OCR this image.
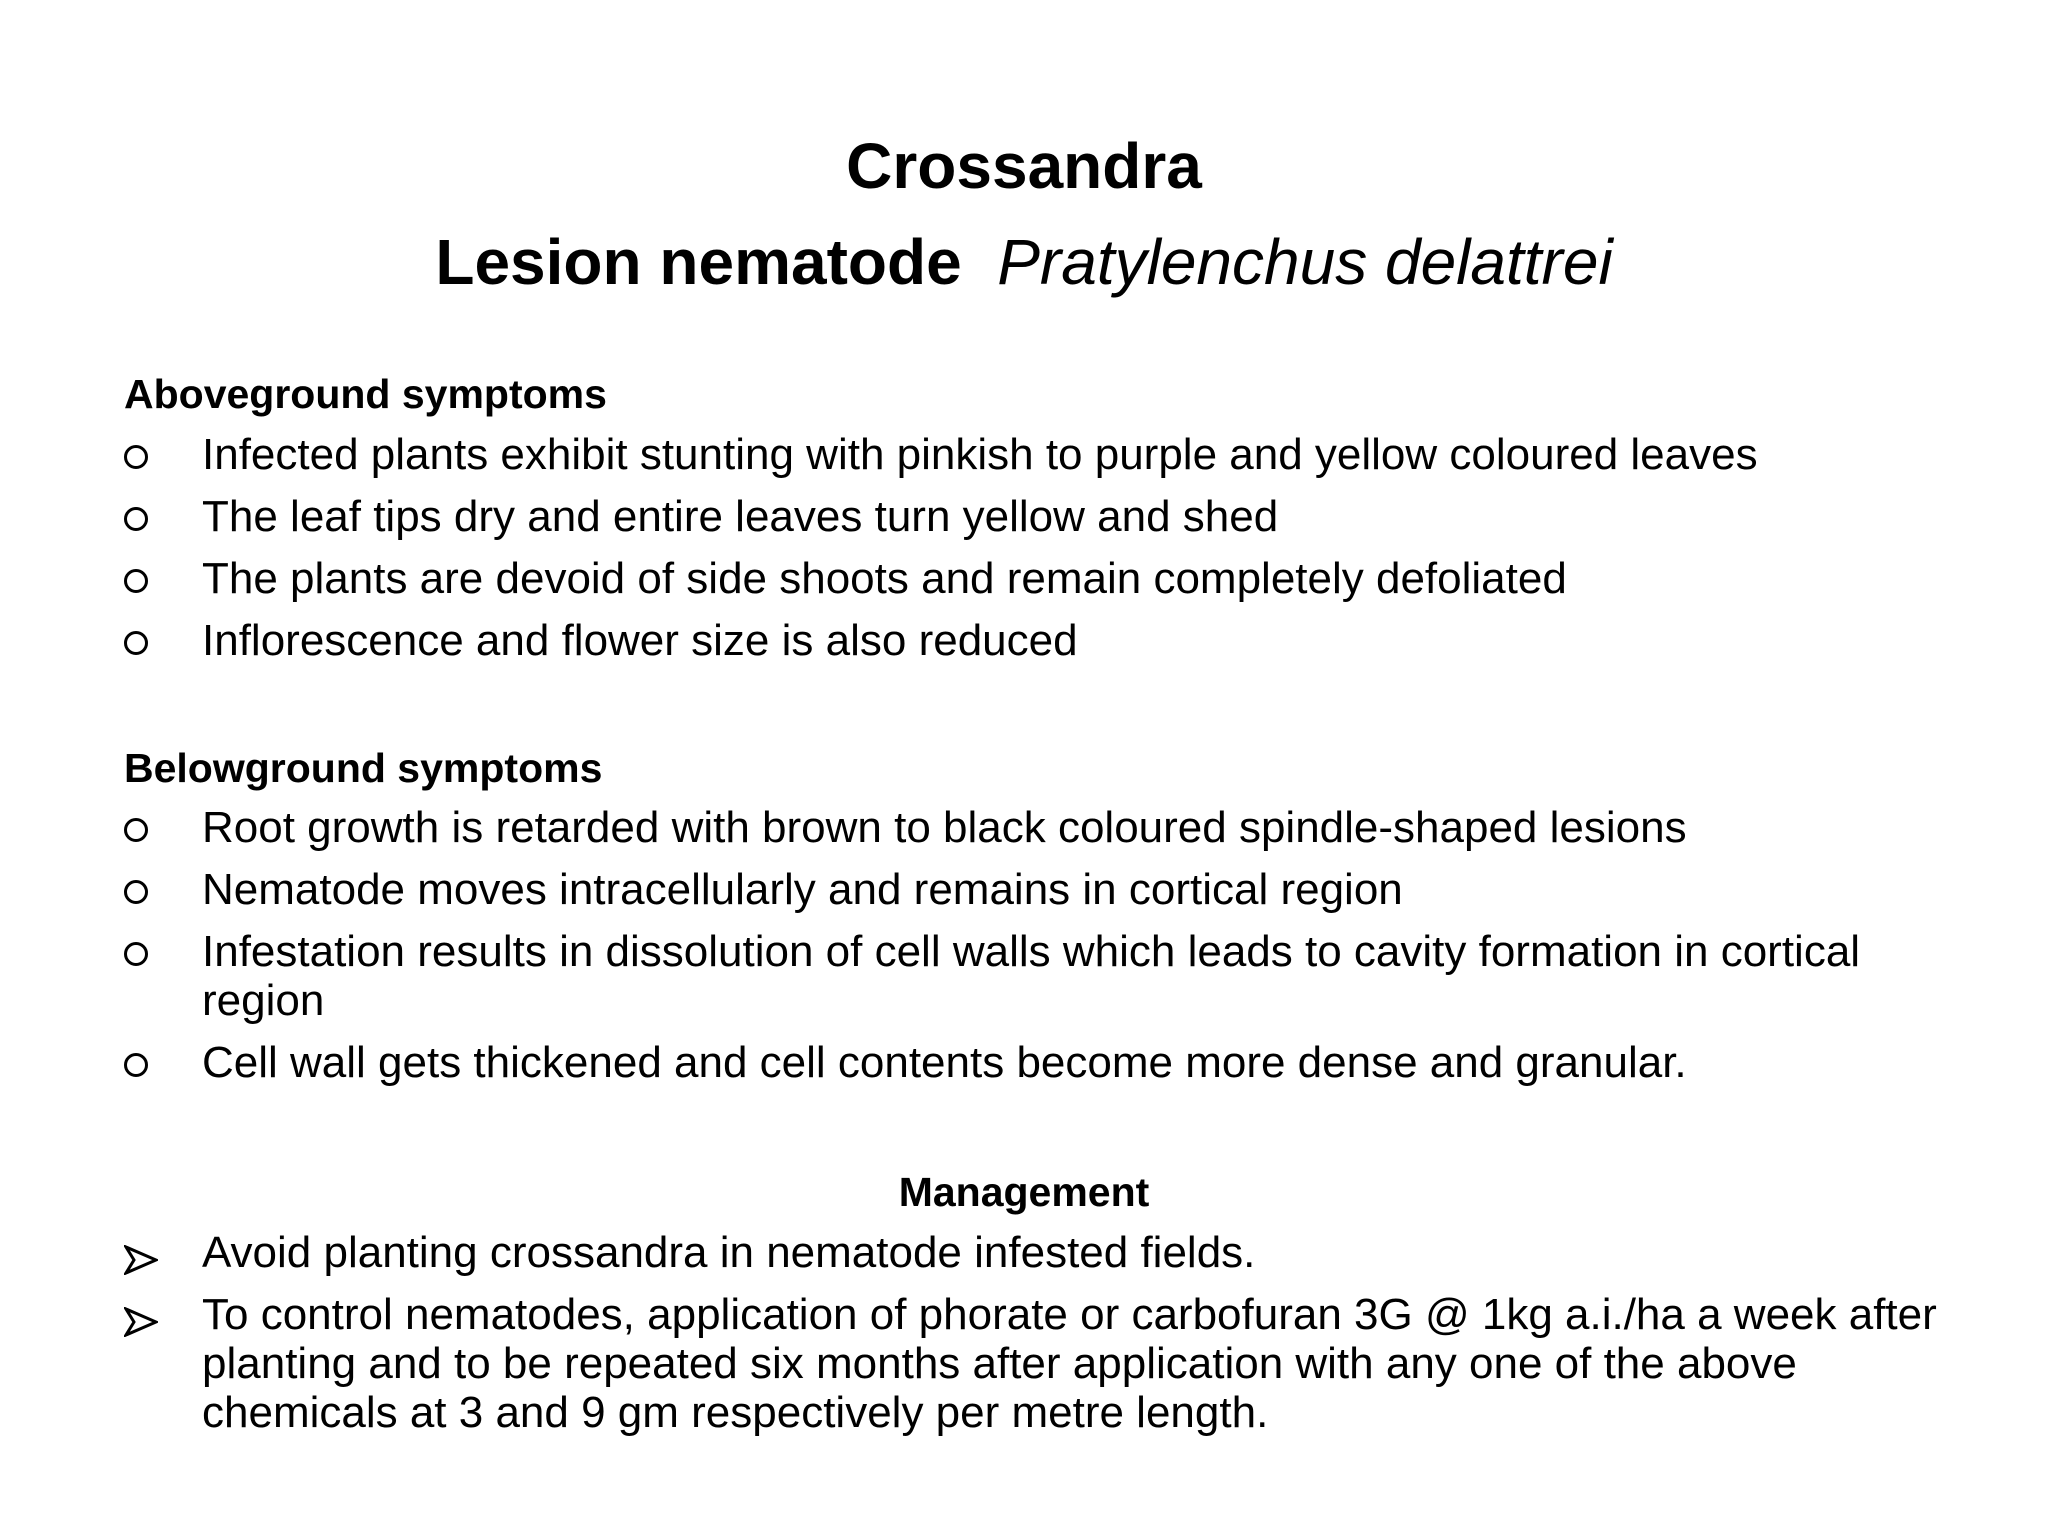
Crossandra
Lesion nematode Pratylenchus delattrei
Aboveground symptoms
Infected plants exhibit stunting with pinkish to purple and yellow coloured leaves
The leaf tips dry and entire leaves turn yellow and shed
The plants are devoid of side shoots and remain completely defoliated
Inflorescence and flower size is also reduced
Belowground symptoms
Root growth is retarded with brown to black coloured spindle-shaped lesions
Nematode moves intracellularly and remains in cortical region
Infestation results in dissolution of cell walls which leads to cavity formation in cortical region
Cell wall gets thickened and cell contents become more dense and granular.
Management
Avoid planting crossandra in nematode infested fields.
To control nematodes, application of phorate or carbofuran 3G @ 1kg a.i./ha a week after planting and to be repeated six months after application with any one of the above chemicals at 3 and 9 gm respectively per metre length.
